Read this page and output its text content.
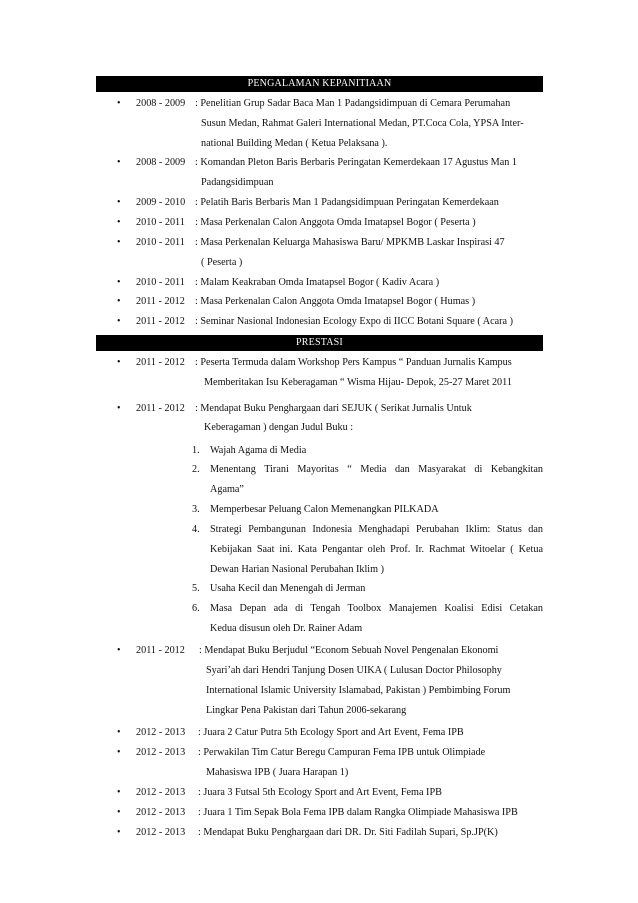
PENGALAMAN KEPANITIAAN
• 2008 - 2009 : Penelitian Grup Sadar Baca Man 1 Padangsidimpuan di Cemara Perumahan
Susun Medan, Rahmat Galeri International Medan, PT.Coca Cola, YPSA Inter-
national Building Medan ( Ketua Pelaksana ).
• 2008 - 2009 : Komandan Pleton Baris Berbaris Peringatan Kemerdekaan 17 Agustus Man 1
Padangsidimpuan
• 2009 - 2010 : Pelatih Baris Berbaris Man 1 Padangsidimpuan Peringatan Kemerdekaan
• 2010 - 2011 : Masa Perkenalan Calon Anggota Omda Imatapsel Bogor ( Peserta )
• 2010 - 2011 : Masa Perkenalan Keluarga Mahasiswa Baru/ MPKMB Laskar Inspirasi 47
( Peserta )
• 2010 - 2011 : Malam Keakraban Omda Imatapsel Bogor ( Kadiv Acara )
• 2011 - 2012 : Masa Perkenalan Calon Anggota Omda Imatapsel Bogor ( Humas )
• 2011 - 2012 : Seminar Nasional Indonesian Ecology Expo di IICC Botani Square ( Acara )
PRESTASI
• 2011 - 2012 : Peserta Termuda dalam Workshop Pers Kampus “ Panduan Jurnalis Kampus
Memberitakan Isu Keberagaman “ Wisma Hijau- Depok, 25-27 Maret 2011
• 2011 - 2012 : Mendapat Buku Penghargaan dari SEJUK ( Serikat Jurnalis Untuk
Keberagaman ) dengan Judul Buku :
1. Wajah Agama di Media
2. Menentang Tirani Mayoritas “ Media dan Masyarakat di Kebangkitan
Agama”
3. Memperbesar Peluang Calon Memenangkan PILKADA
4. Strategi Pembangunan Indonesia Menghadapi Perubahan Iklim: Status dan
Kebijakan Saat ini. Kata Pengantar oleh Prof. Ir. Rachmat Witoelar ( Ketua
Dewan Harian Nasional Perubahan Iklim )
5. Usaha Kecil dan Menengah di Jerman
6. Masa Depan ada di Tengah Toolbox Manajemen Koalisi Edisi Cetakan
Kedua disusun oleh Dr. Rainer Adam
• 2011 - 2012 : Mendapat Buku Berjudul “Econom Sebuah Novel Pengenalan Ekonomi
Syari’ah dari Hendri Tanjung Dosen UIKA ( Lulusan Doctor Philosophy
International Islamic University Islamabad, Pakistan ) Pembimbing Forum
Lingkar Pena Pakistan dari Tahun 2006-sekarang
• 2012 - 2013 : Juara 2 Catur Putra 5th Ecology Sport and Art Event, Fema IPB
• 2012 - 2013 : Perwakilan Tim Catur Beregu Campuran Fema IPB untuk Olimpiade
Mahasiswa IPB ( Juara Harapan 1)
• 2012 - 2013 : Juara 3 Futsal 5th Ecology Sport and Art Event, Fema IPB
• 2012 - 2013 : Juara 1 Tim Sepak Bola Fema IPB dalam Rangka Olimpiade Mahasiswa IPB
• 2012 - 2013 : Mendapat Buku Penghargaan dari DR. Dr. Siti Fadilah Supari, Sp.JP(K)
